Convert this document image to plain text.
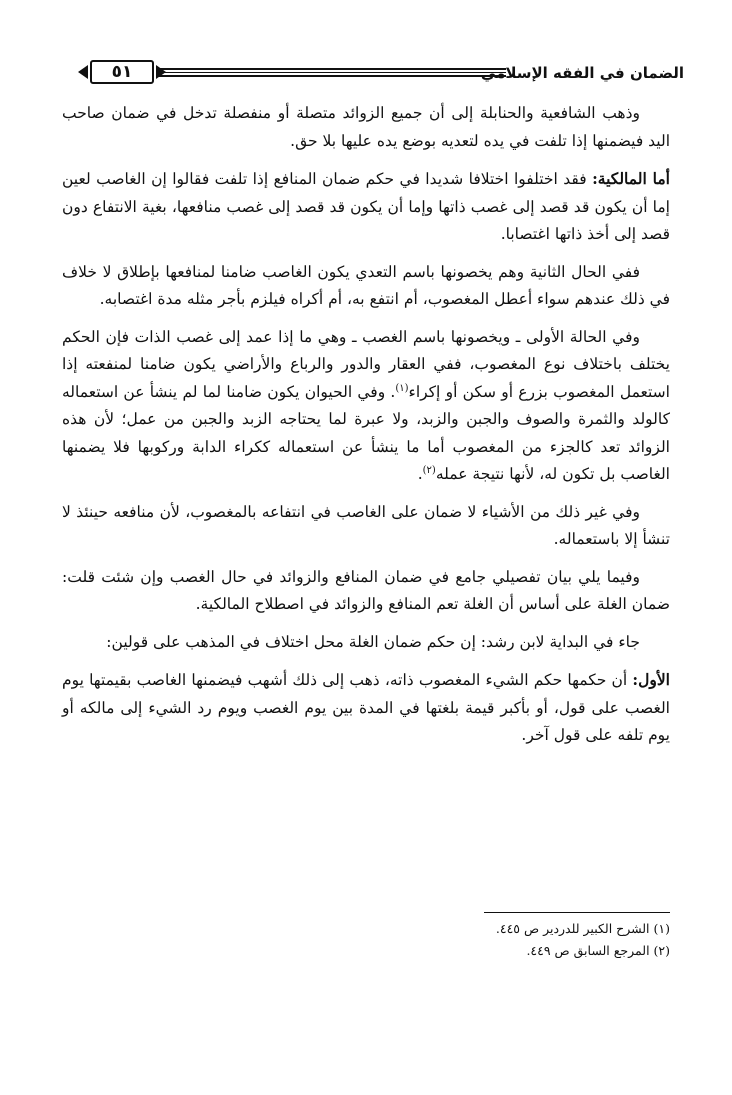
الضمان في الفقه الإسلامي
٥١

وذهب الشافعية والحنابلة إلى أن جميع الزوائد متصلة أو منفصلة تدخل في ضمان صاحب اليد فيضمنها إذا تلفت في يده لتعديه بوضع يده عليها بلا حق.

أما المالكية: فقد اختلفوا اختلافا شديدا في حكم ضمان المنافع إذا تلفت فقالوا إن الغاصب لعين إما أن يكون قد قصد إلى غصب ذاتها وإما أن يكون قد قصد إلى غصب منافعها، بغية الانتفاع دون قصد إلى أخذ ذاتها اغتصابا.

ففي الحال الثانية وهم يخصونها باسم التعدي يكون الغاصب ضامنا لمنافعها بإطلاق لا خلاف في ذلك عندهم سواء أعطل المغصوب، أم انتفع به، أم أكراه فيلزم بأجر مثله مدة اغتصابه.

وفي الحالة الأولى ـ ويخصونها باسم الغصب ـ وهي ما إذا عمد إلى غصب الذات فإن الحكم يختلف باختلاف نوع المغصوب، ففي العقار والدور والرباع والأراضي يكون ضامنا لمنفعته إذا استعمل المغصوب بزرع أو سكن أو إكراء$^{(١)}$. وفي الحيوان يكون ضامنا لما لم ينشأ عن استعماله كالولد والثمرة والصوف والجبن والزبد، ولا عبرة لما يحتاجه الزبد والجبن من عمل؛ لأن هذه الزوائد تعد كالجزء من المغصوب أما ما ينشأ عن استعماله ككراء الدابة وركوبها فلا يضمنها الغاصب بل تكون له، لأنها نتيجة عمله$^{(٢)}$.

وفي غير ذلك من الأشياء لا ضمان على الغاصب في انتفاعه بالمغصوب، لأن منافعه حينئذ لا تنشأ إلا باستعماله.

وفيما يلي بيان تفصيلي جامع في ضمان المنافع والزوائد في حال الغصب وإن شئت قلت: ضمان الغلة على أساس أن الغلة تعم المنافع والزوائد في اصطلاح المالكية.

جاء في البداية لابن رشد: إن حكم ضمان الغلة محل اختلاف في المذهب على قولين:

الأول: أن حكمها حكم الشيء المغصوب ذاته، ذهب إلى ذلك أشهب فيضمنها الغاصب بقيمتها يوم الغصب على قول، أو بأكبر قيمة بلغتها في المدة بين يوم الغصب ويوم رد الشيء إلى مالكه أو يوم تلفه على قول آخر.

(١) الشرح الكبير للدردير ص ٤٤٥.
(٢) المرجع السابق ص ٤٤٩.
